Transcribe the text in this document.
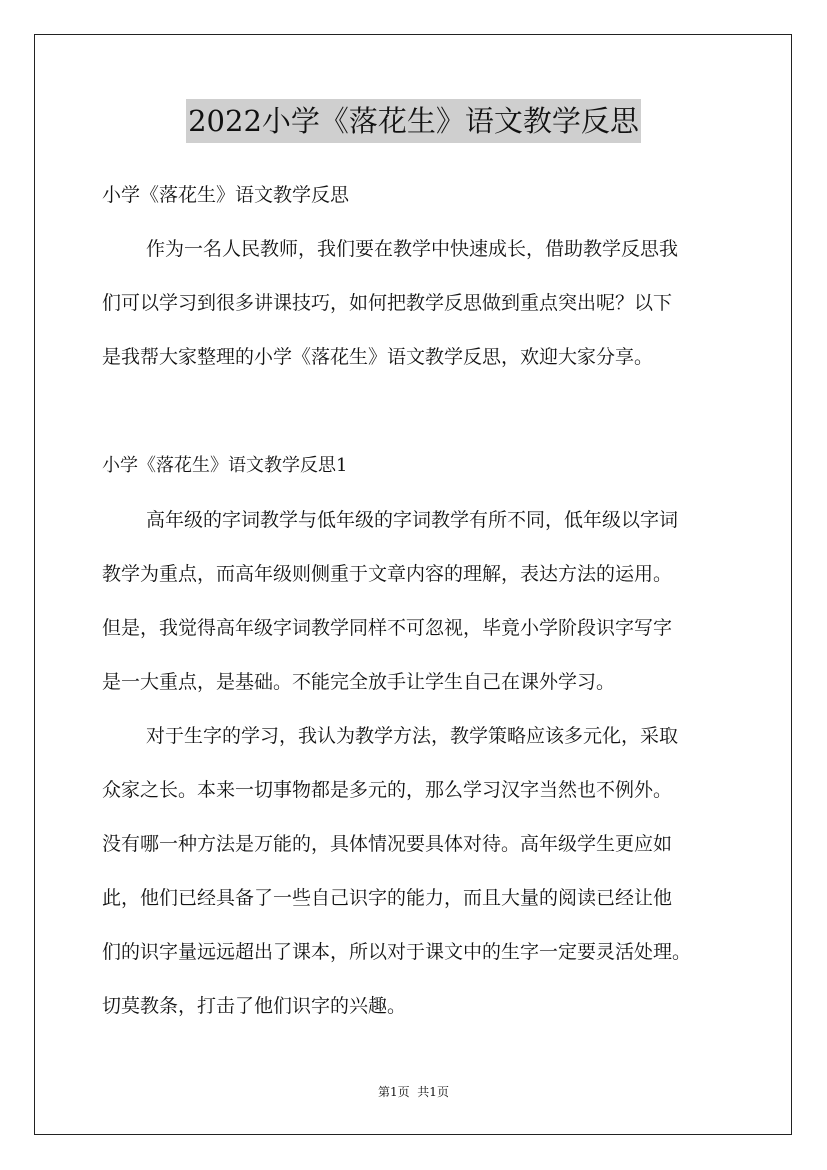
2022小学《落花生》语文教学反思
小学《落花生》语文教学反思
作为一名人民教师，我们要在教学中快速成长，借助教学反思我
们可以学习到很多讲课技巧，如何把教学反思做到重点突出呢？以下
是我帮大家整理的小学《落花生》语文教学反思，欢迎大家分享。
小学《落花生》语文教学反思1
高年级的字词教学与低年级的字词教学有所不同，低年级以字词
教学为重点，而高年级则侧重于文章内容的理解，表达方法的运用。
但是，我觉得高年级字词教学同样不可忽视，毕竟小学阶段识字写字
是一大重点，是基础。不能完全放手让学生自己在课外学习。
对于生字的学习，我认为教学方法，教学策略应该多元化，采取
众家之长。本来一切事物都是多元的，那么学习汉字当然也不例外。
没有哪一种方法是万能的，具体情况要具体对待。高年级学生更应如
此，他们已经具备了一些自己识字的能力，而且大量的阅读已经让他
们的识字量远远超出了课本，所以对于课文中的生字一定要灵活处理。
切莫教条，打击了他们识字的兴趣。
第1页  共1页
